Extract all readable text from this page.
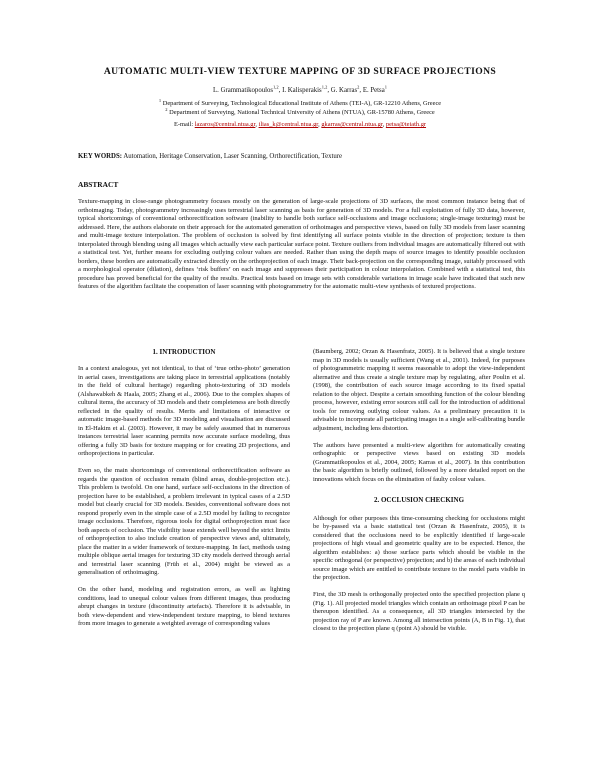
AUTOMATIC MULTI-VIEW TEXTURE MAPPING OF 3D SURFACE PROJECTIONS
L. Grammatikopoulos$^{1,2}$, I. Kalisperakis$^{1,2}$, G. Karras$^2$, E. Petsa$^1$
$^1$ Department of Surveying, Technological Educational Institute of Athens (TEI-A), GR-12210 Athens, Greece
$^2$ Department of Surveying, National Technical University of Athens (NTUA), GR-15780 Athens, Greece
E-mail: lazaros@central.ntua.gr, ilias_k@central.ntua.gr, gkarras@central.ntua.gr, petsa@teiath.gr
KEY WORDS: Automation, Heritage Conservation, Laser Scanning, Orthorectification, Texture
ABSTRACT
Texture-mapping in close-range photogrammetry focuses mostly on the generation of large-scale projections of 3D surfaces, the most common instance being that of orthoimaging. Today, photogrammetry increasingly uses terrestrial laser scanning as basis for generation of 3D models. For a full exploitation of fully 3D data, however, typical shortcomings of conventional orthorectification software (inability to handle both surface self-occlusions and image occlusions; single-image texturing) must be addressed. Here, the authors elaborate on their approach for the automated generation of orthoimages and perspective views, based on fully 3D models from laser scanning and multi-image texture interpolation. The problem of occlusion is solved by first identifying all surface points visible in the direction of projection; texture is then interpolated through blending using all images which actually view each particular surface point. Texture outliers from individual images are automatically filtered out with a statistical test. Yet, further means for excluding outlying colour values are needed. Rather than using the depth maps of source images to identify possible occlusion borders, these borders are automatically extracted directly on the orthoprojection of each image. Their back-projection on the corresponding image, suitably processed with a morphological operator (dilation), defines ‘risk buffers’ on each image and suppresses their participation in colour interpolation. Combined with a statistical test, this procedure has proved beneficial for the quality of the results. Practical tests based on image sets with considerable variations in image scale have indicated that such new features of the algorithm facilitate the cooperation of laser scanning with photogrammetry for the automatic multi-view synthesis of textured projections.
1. INTRODUCTION

In a context analogous, yet not identical, to that of ‘true ortho-photo’ generation in aerial cases, investigations are taking place in terrestrial applications (notably in the field of cultural heritage) regarding photo-texturing of 3D models (Alshawabkeh & Haala, 2005; Zhang et al., 2006). Due to the complex shapes of cultural items, the accuracy of 3D models and their completeness are both directly reflected in the quality of results. Merits and limitations of interactive or automatic image-based methods for 3D modeling and visualisation are discussed in El-Hakim et al. (2003). However, it may be safely assumed that in numerous instances terrestrial laser scanning permits now accurate surface modeling, thus offering a fully 3D basis for texture mapping or for creating 2D projections, and orthoprojections in particular.

Even so, the main shortcomings of conventional orthorectification software as regards the question of occlusion remain (blind areas, double-projection etc.). This problem is twofold. On one hand, surface self-occlusions in the direction of projection have to be established, a problem irrelevant in typical cases of a 2.5D model but clearly crucial for 3D models. Besides, conventional software does not respond properly even in the simple case of a 2.5D model by failing to recognize image occlusions. Therefore, rigorous tools for digital orthoprojection must face both aspects of occlusion. The visibility issue extends well beyond the strict limits of orthoprojection to also include creation of perspective views and, ultimately, place the matter in a wider framework of texture-mapping. In fact, methods using multiple oblique aerial images for texturing 3D city models derived through aerial and terrestrial laser scanning (Früh et al., 2004) might be viewed as a generalisation of orthoimaging.

On the other hand, modeling and registration errors, as well as lighting conditions, lead to unequal colour values from different images, thus producing abrupt changes in texture (discontinuity artefacts). Therefore it is advisable, in both view-dependent and view-independent texture mapping, to blend textures from more images to generate a weighted average of corresponding values

(Baumberg, 2002; Orzan & Hasenfratz, 2005). It is believed that a single texture map in 3D models is usually sufficient (Wang et al., 2001). Indeed, for purposes of photogrammetric mapping it seems reasonable to adopt the view-independent alternative and thus create a single texture map by regulating, after Poulin et al. (1998), the contribution of each source image according to its fixed spatial relation to the object. Despite a certain smoothing function of the colour blending process, however, existing error sources still call for the introduction of additional tools for removing outlying colour values. As a preliminary precaution it is advisable to incorporate all participating images in a single self-calibrating bundle adjustment, including lens distortion.

The authors have presented a multi-view algorithm for automatically creating orthographic or perspective views based on existing 3D models (Grammatikopoulos et al., 2004, 2005; Karras et al., 2007). In this contribution the basic algorithm is briefly outlined, followed by a more detailed report on the innovations which focus on the elimination of faulty colour values.

2. OCCLUSION CHECKING

Although for other purposes this time-consuming checking for occlusions might be by-passed via a basic statistical test (Orzan & Hasenfratz, 2005), it is considered that the occlusions need to be explicitly identified if large-scale projections of high visual and geometric quality are to be expected. Hence, the algorithm establishes: a) those surface parts which should be visible in the specific orthogonal (or perspective) projection; and b) the areas of each individual source image which are entitled to contribute texture to the model parts visible in the projection.

First, the 3D mesh is orthogonally projected onto the specified projection plane q (Fig. 1). All projected model triangles which contain an orthoimage pixel P can be thereupon identified. As a consequence, all 3D triangles intersected by the projection ray of P are known. Among all intersection points (A, B in Fig. 1), that closest to the projection plane q (point A) should be visible.
